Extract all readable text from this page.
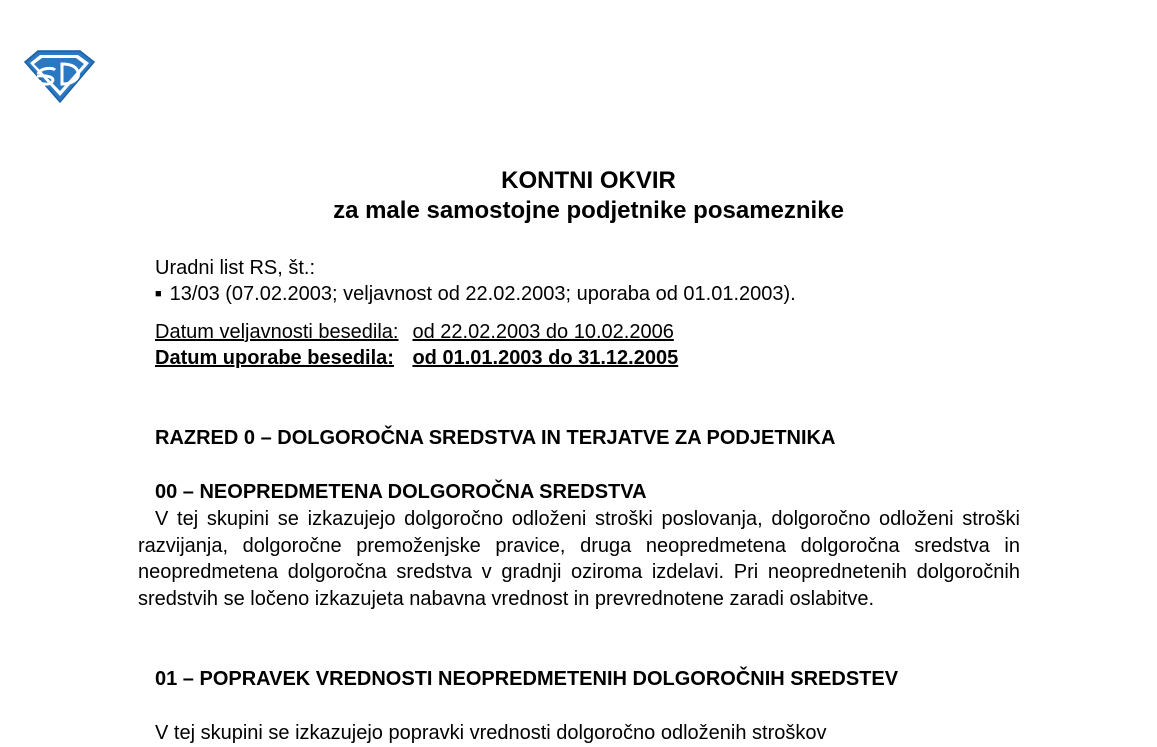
KONTNI OKVIR
za male samostojne podjetnike posameznike
Uradni list RS, št.:
■ 13/03 (07.02.2003; veljavnost od 22.02.2003; uporaba od 01.01.2003).
Datum veljavnosti besedila:	od 22.02.2003 do 10.02.2006
Datum uporabe besedila:	od 01.01.2003 do 31.12.2005
RAZRED 0 – DOLGOROČNA SREDSTVA IN TERJATVE ZA PODJETNIKA
00 – NEOPREDMETENA DOLGOROČNA SREDSTVA
V tej skupini se izkazujejo dolgoročno odloženi stroški poslovanja, dolgoročno odloženi stroški razvijanja, dolgoročne premoženjske pravice, druga neopredmetena dolgoročna sredstva in neopredmetena dolgoročna sredstva v gradnji oziroma izdelavi. Pri neoprednetenih dolgoročnih sredstvih se ločeno izkazujeta nabavna vrednost in prevrednotene zaradi oslabitve.
01 – POPRAVEK VREDNOSTI NEOPREDMETENIH DOLGOROČNIH SREDSTEV
V tej skupini se izkazujejo popravki vrednosti dolgoročno odloženih stroškov
